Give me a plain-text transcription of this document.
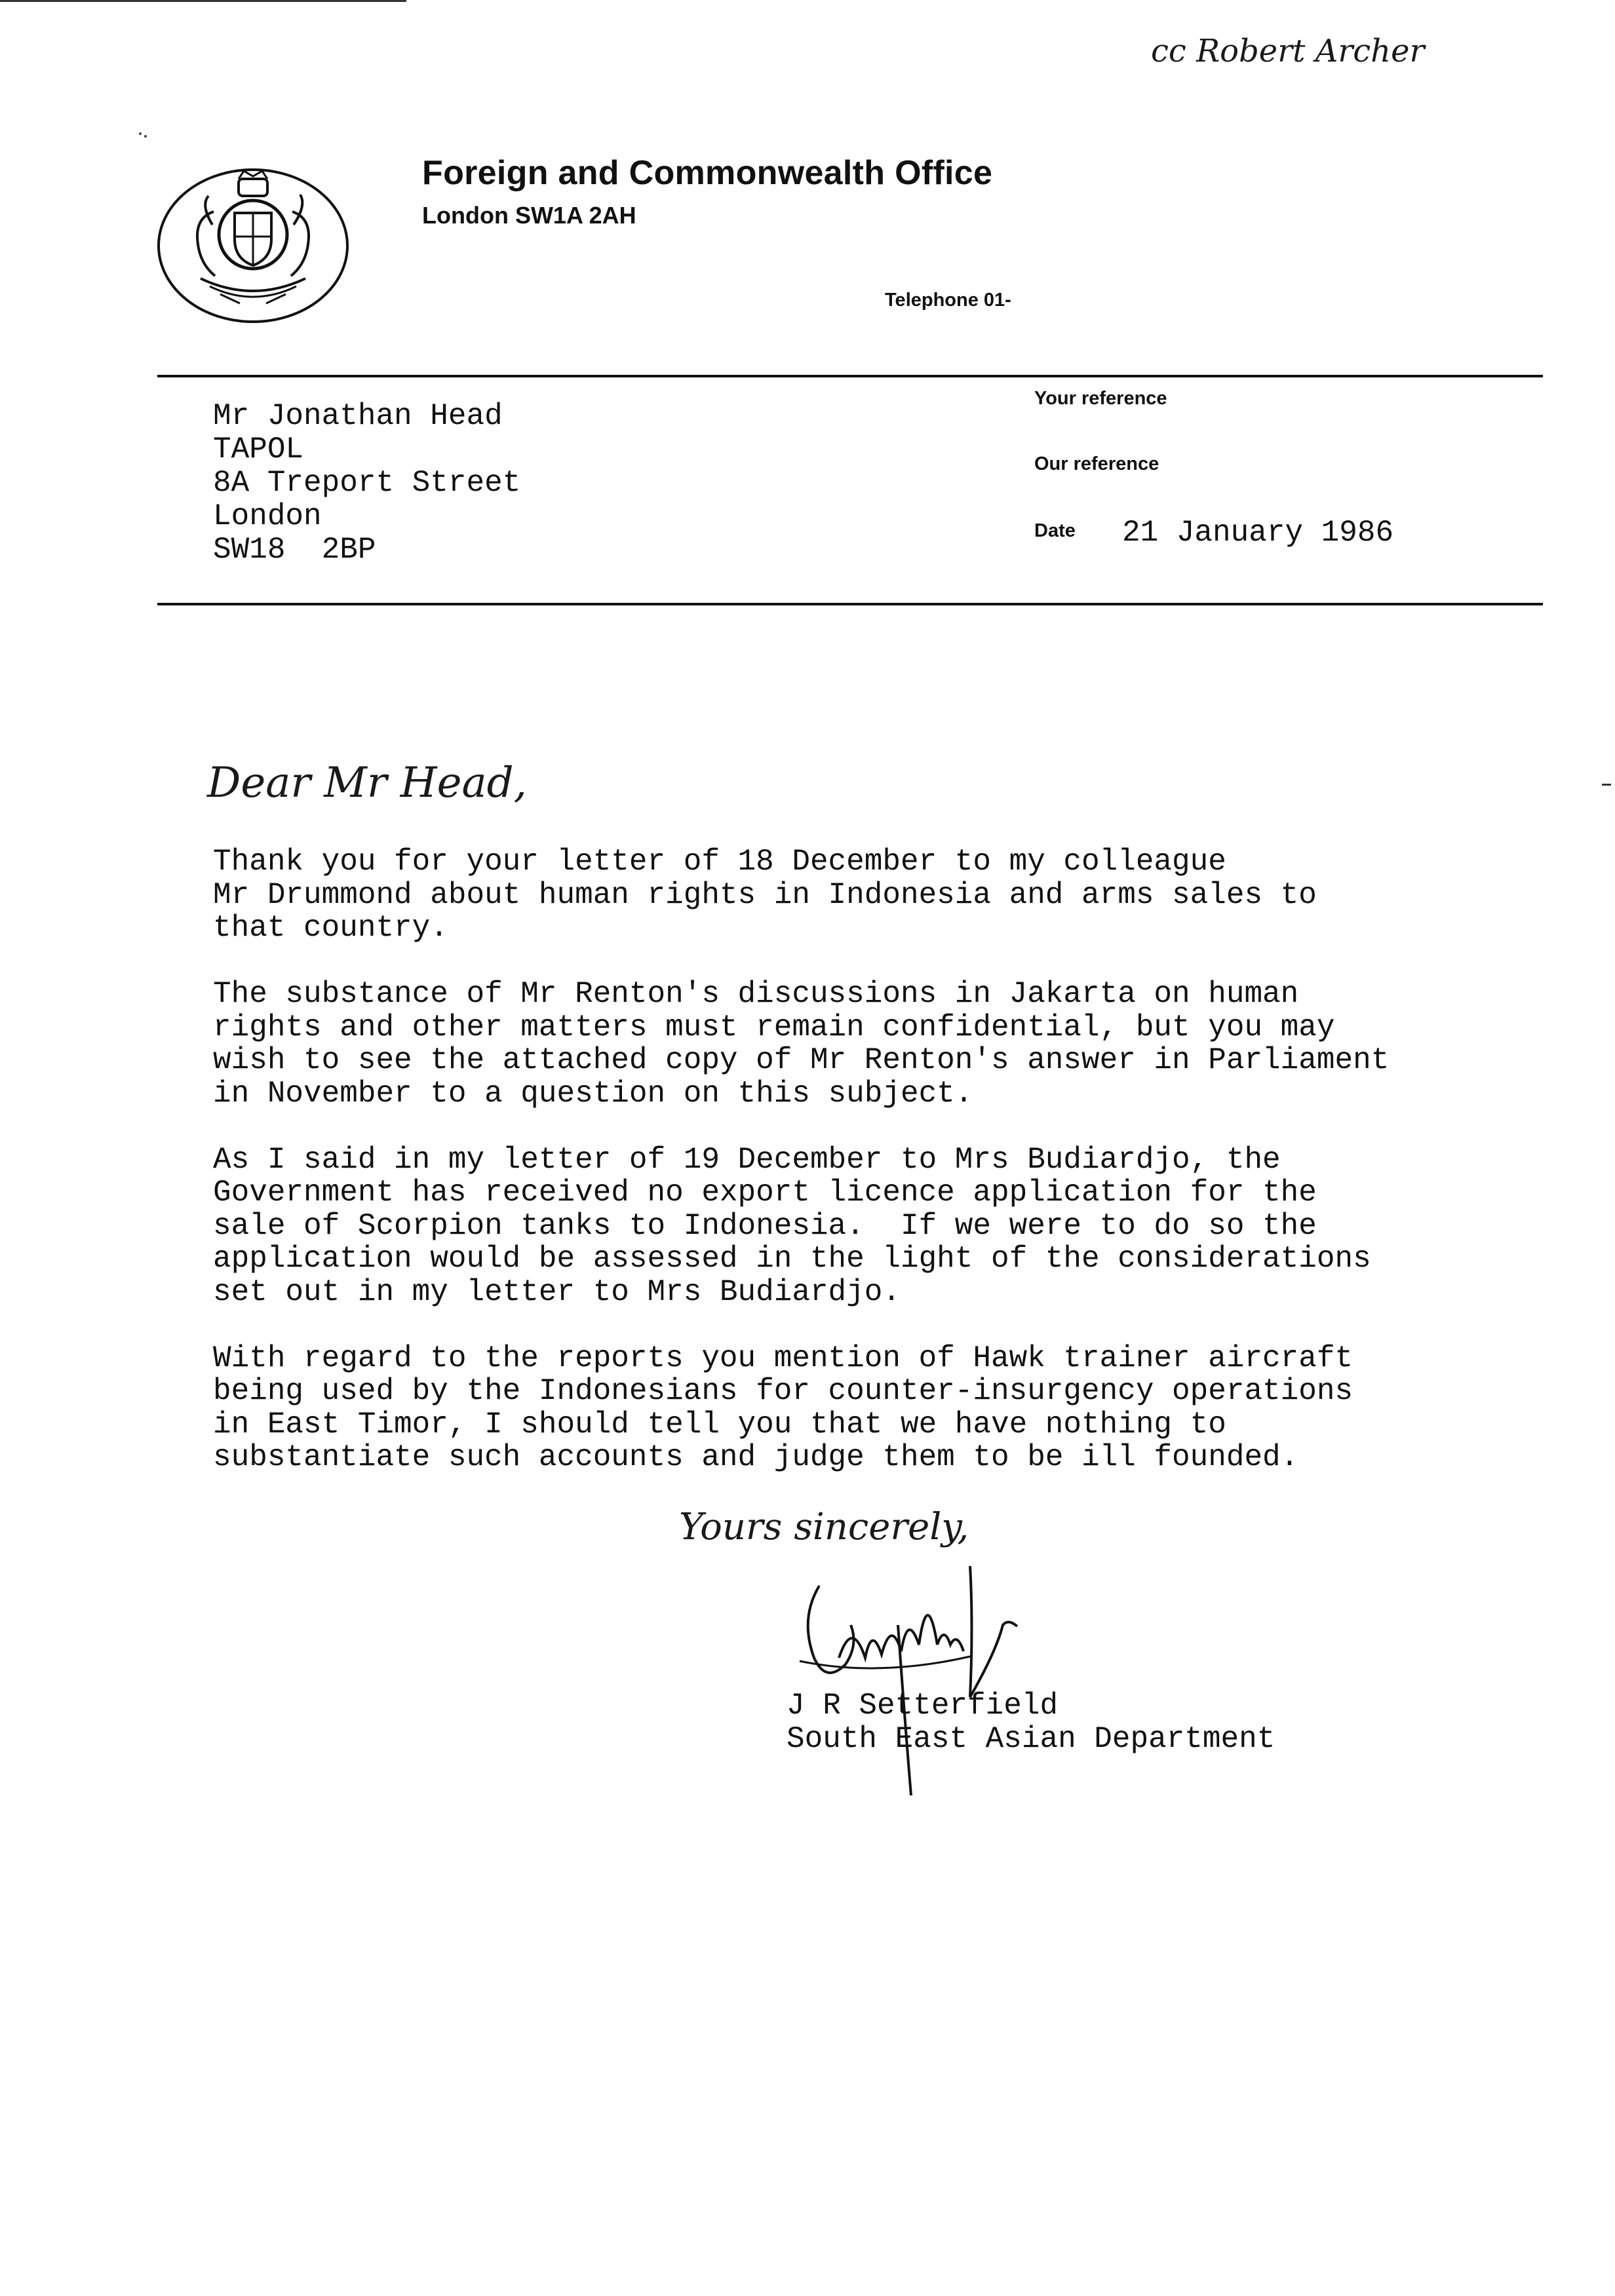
cc Robert Archer
Foreign and Commonwealth Office
London SW1A 2AH
Telephone 01-
Mr Jonathan Head
TAPOL
8A Treport Street
London
SW18  2BP
Your reference
Our reference
Date 21 January 1986
Dear Mr Head,

Thank you for your letter of 18 December to my colleague
Mr Drummond about human rights in Indonesia and arms sales to
that country.

The substance of Mr Renton's discussions in Jakarta on human
rights and other matters must remain confidential, but you may
wish to see the attached copy of Mr Renton's answer in Parliament
in November to a question on this subject.

As I said in my letter of 19 December to Mrs Budiardjo, the
Government has received no export licence application for the
sale of Scorpion tanks to Indonesia.  If we were to do so the
application would be assessed in the light of the considerations
set out in my letter to Mrs Budiardjo.

With regard to the reports you mention of Hawk trainer aircraft
being used by the Indonesians for counter-insurgency operations
in East Timor, I should tell you that we have nothing to
substantiate such accounts and judge them to be ill founded.

Yours sincerely,
J R Setterfield
South East Asian Department
